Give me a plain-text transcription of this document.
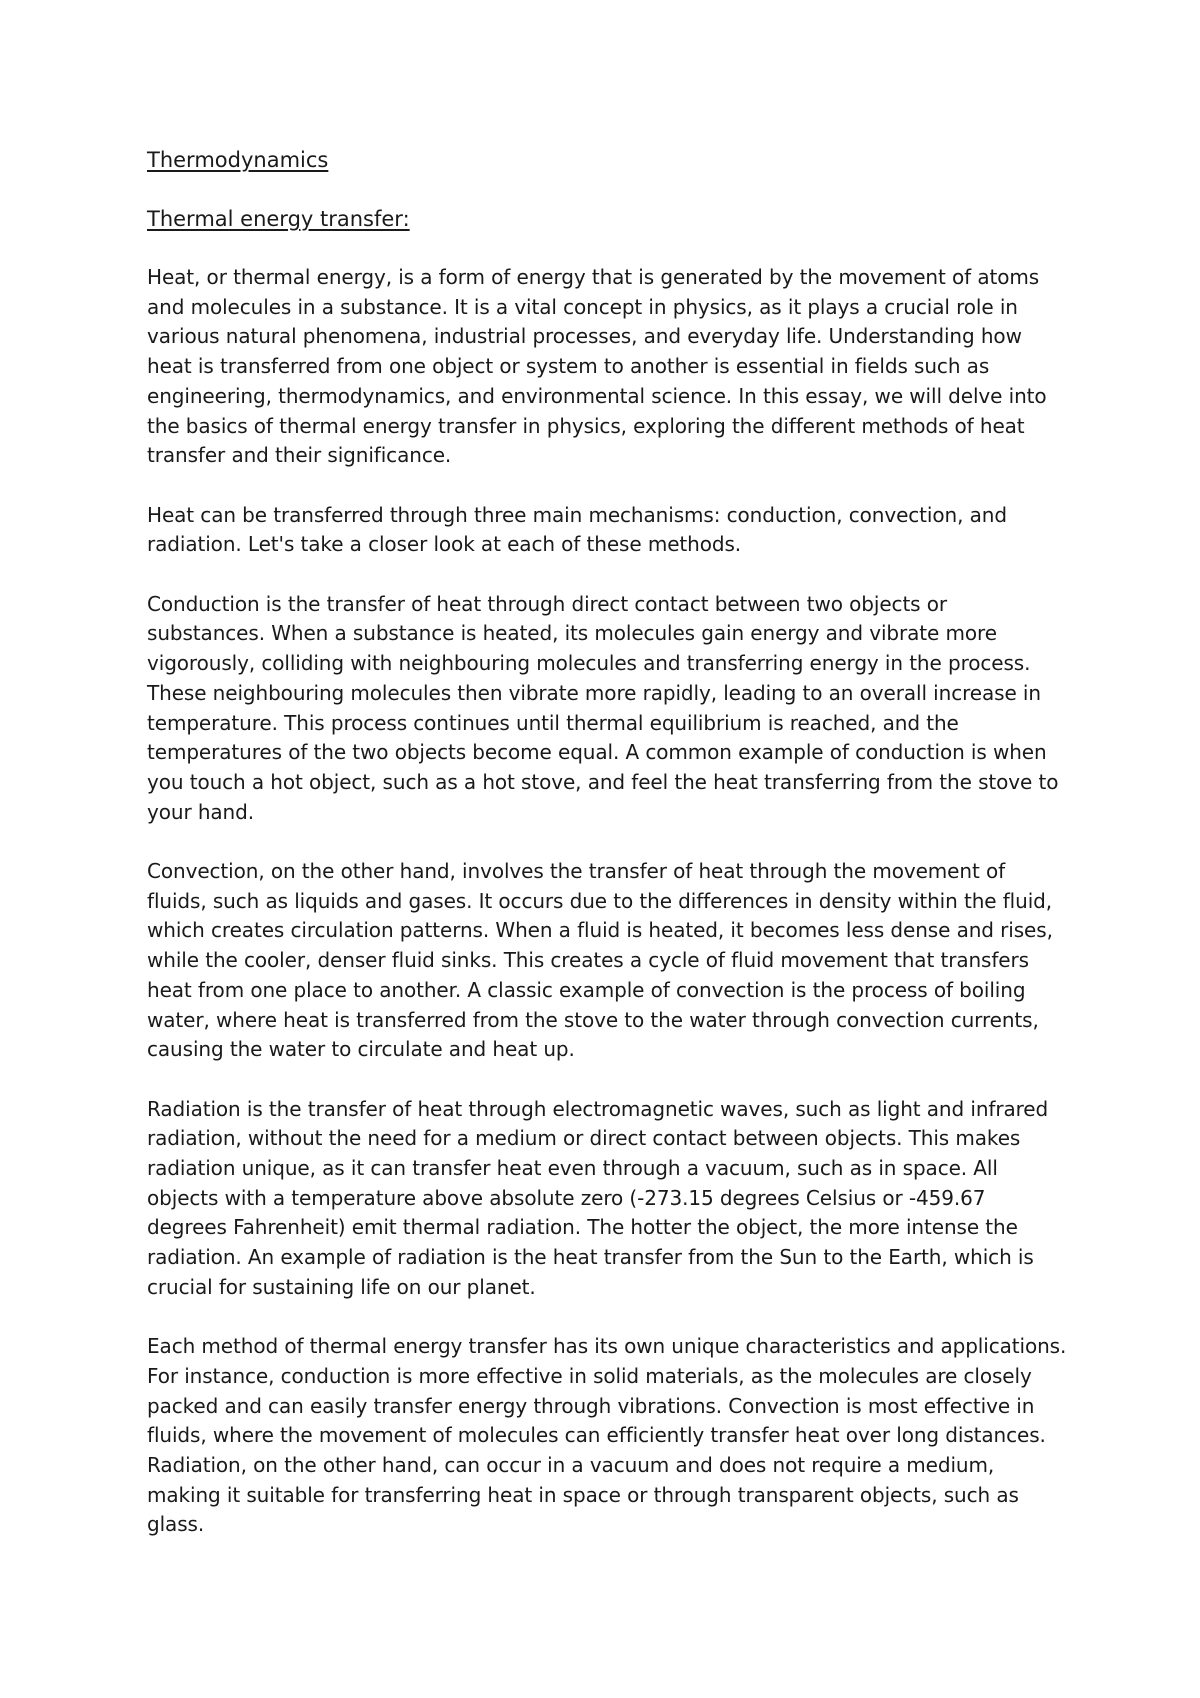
Thermodynamics

Thermal energy transfer:

Heat, or thermal energy, is a form of energy that is generated by the movement of atoms and molecules in a substance. It is a vital concept in physics, as it plays a crucial role in various natural phenomena, industrial processes, and everyday life. Understanding how heat is transferred from one object or system to another is essential in fields such as engineering, thermodynamics, and environmental science. In this essay, we will delve into the basics of thermal energy transfer in physics, exploring the different methods of heat transfer and their significance.

Heat can be transferred through three main mechanisms: conduction, convection, and radiation. Let's take a closer look at each of these methods.

Conduction is the transfer of heat through direct contact between two objects or substances. When a substance is heated, its molecules gain energy and vibrate more vigorously, colliding with neighbouring molecules and transferring energy in the process. These neighbouring molecules then vibrate more rapidly, leading to an overall increase in temperature. This process continues until thermal equilibrium is reached, and the temperatures of the two objects become equal. A common example of conduction is when you touch a hot object, such as a hot stove, and feel the heat transferring from the stove to your hand.

Convection, on the other hand, involves the transfer of heat through the movement of fluids, such as liquids and gases. It occurs due to the differences in density within the fluid, which creates circulation patterns. When a fluid is heated, it becomes less dense and rises, while the cooler, denser fluid sinks. This creates a cycle of fluid movement that transfers heat from one place to another. A classic example of convection is the process of boiling water, where heat is transferred from the stove to the water through convection currents, causing the water to circulate and heat up.

Radiation is the transfer of heat through electromagnetic waves, such as light and infrared radiation, without the need for a medium or direct contact between objects. This makes radiation unique, as it can transfer heat even through a vacuum, such as in space. All objects with a temperature above absolute zero (-273.15 degrees Celsius or -459.67 degrees Fahrenheit) emit thermal radiation. The hotter the object, the more intense the radiation. An example of radiation is the heat transfer from the Sun to the Earth, which is crucial for sustaining life on our planet.

Each method of thermal energy transfer has its own unique characteristics and applications. For instance, conduction is more effective in solid materials, as the molecules are closely packed and can easily transfer energy through vibrations. Convection is most effective in fluids, where the movement of molecules can efficiently transfer heat over long distances. Radiation, on the other hand, can occur in a vacuum and does not require a medium, making it suitable for transferring heat in space or through transparent objects, such as glass.
